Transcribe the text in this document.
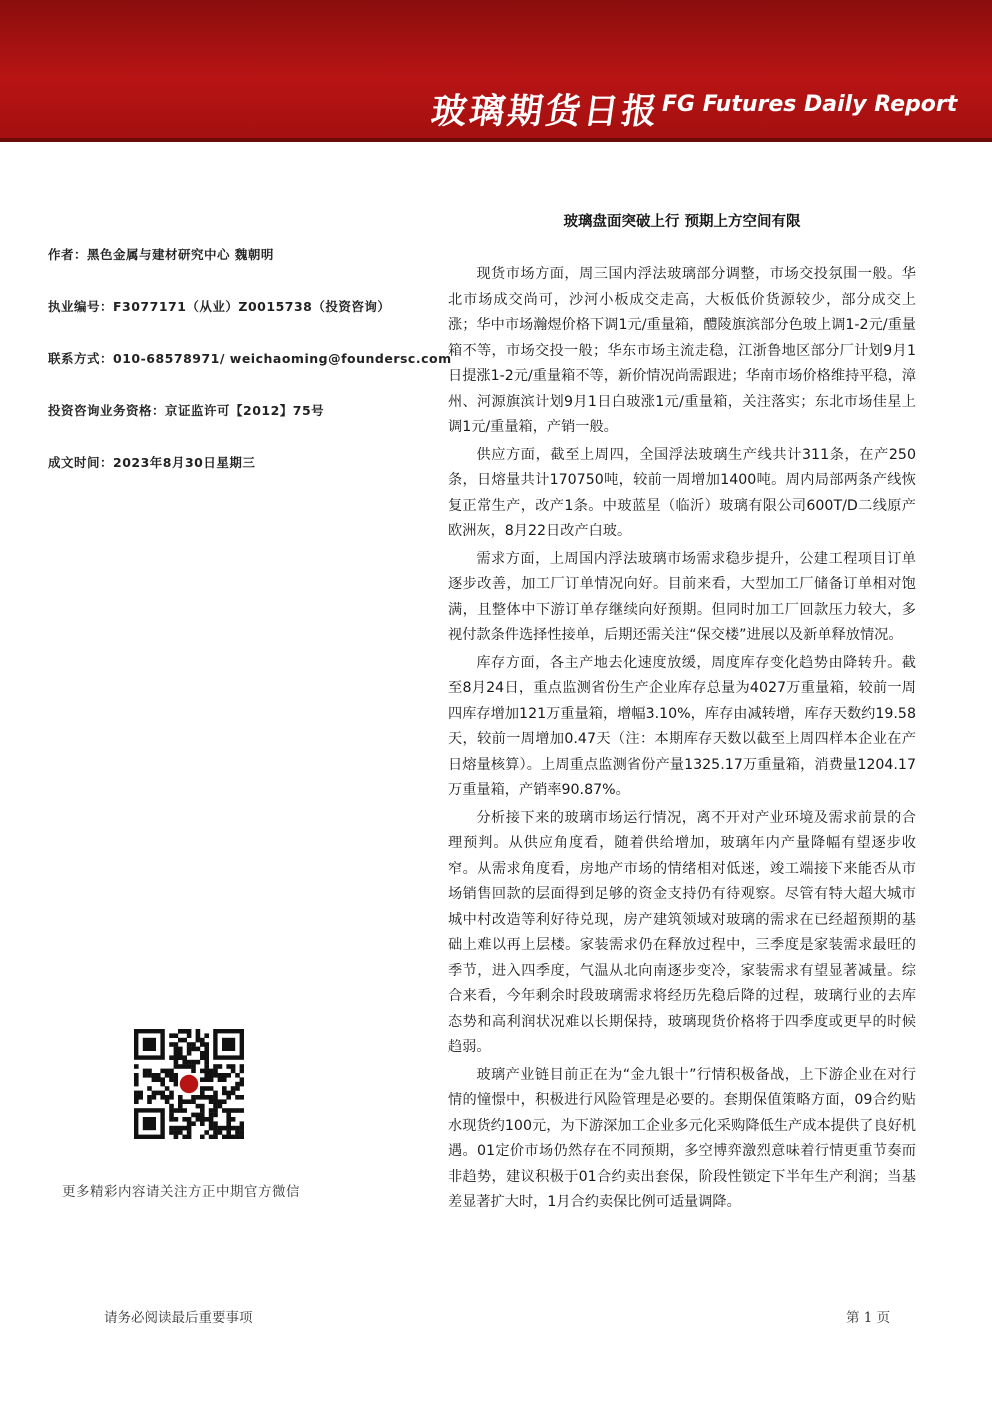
玻璃期货日报 FG Futures Daily Report
作者：黑色金属与建材研究中心 魏朝明
执业编号：F3077171（从业）Z0015738（投资咨询）
联系方式：010-68578971/ weichaoming@foundersc.com
投资咨询业务资格：京证监许可【2012】75号
成文时间：2023年8月30日星期三
更多精彩内容请关注方正中期官方微信
玻璃盘面突破上行 预期上方空间有限

现货市场方面，周三国内浮法玻璃部分调整，市场交投氛围一般。华北市场成交尚可，沙河小板成交走高，大板低价货源较少，部分成交上涨；华中市场瀚煜价格下调1元/重量箱，醴陵旗滨部分色玻上调1-2元/重量箱不等，市场交投一般；华东市场主流走稳，江浙鲁地区部分厂计划9月1日提涨1-2元/重量箱不等，新价情况尚需跟进；华南市场价格维持平稳，漳州、河源旗滨计划9月1日白玻涨1元/重量箱，关注落实；东北市场佳星上调1元/重量箱，产销一般。

供应方面，截至上周四，全国浮法玻璃生产线共计311条，在产250条，日熔量共计170750吨，较前一周增加1400吨。周内局部两条产线恢复正常生产，改产1条。中玻蓝星（临沂）玻璃有限公司600T/D二线原产欧洲灰，8月22日改产白玻。

需求方面，上周国内浮法玻璃市场需求稳步提升，公建工程项目订单逐步改善，加工厂订单情况向好。目前来看，大型加工厂储备订单相对饱满，且整体中下游订单存继续向好预期。但同时加工厂回款压力较大，多视付款条件选择性接单，后期还需关注“保交楼”进展以及新单释放情况。

库存方面，各主产地去化速度放缓，周度库存变化趋势由降转升。截至8月24日，重点监测省份生产企业库存总量为4027万重量箱，较前一周四库存增加121万重量箱，增幅3.10%，库存由减转增，库存天数约19.58天，较前一周增加0.47天（注：本期库存天数以截至上周四样本企业在产日熔量核算）。上周重点监测省份产量1325.17万重量箱，消费量1204.17万重量箱，产销率90.87%。

分析接下来的玻璃市场运行情况，离不开对产业环境及需求前景的合理预判。从供应角度看，随着供给增加，玻璃年内产量降幅有望逐步收窄。从需求角度看，房地产市场的情绪相对低迷，竣工端接下来能否从市场销售回款的层面得到足够的资金支持仍有待观察。尽管有特大超大城市城中村改造等利好待兑现，房产建筑领域对玻璃的需求在已经超预期的基础上难以再上层楼。家装需求仍在释放过程中，三季度是家装需求最旺的季节，进入四季度，气温从北向南逐步变冷，家装需求有望显著减量。综合来看，今年剩余时段玻璃需求将经历先稳后降的过程，玻璃行业的去库态势和高利润状况难以长期保持，玻璃现货价格将于四季度或更早的时候趋弱。

玻璃产业链目前正在为“金九银十”行情积极备战，上下游企业在对行情的憧憬中，积极进行风险管理是必要的。套期保值策略方面，09合约贴水现货约100元，为下游深加工企业多元化采购降低生产成本提供了良好机遇。01定价市场仍然存在不同预期，多空博弈激烈意味着行情更重节奏而非趋势，建议积极于01合约卖出套保，阶段性锁定下半年生产利润；当基差显著扩大时，1月合约卖保比例可适量调降。

请务必阅读最后重要事项	第 1 页
